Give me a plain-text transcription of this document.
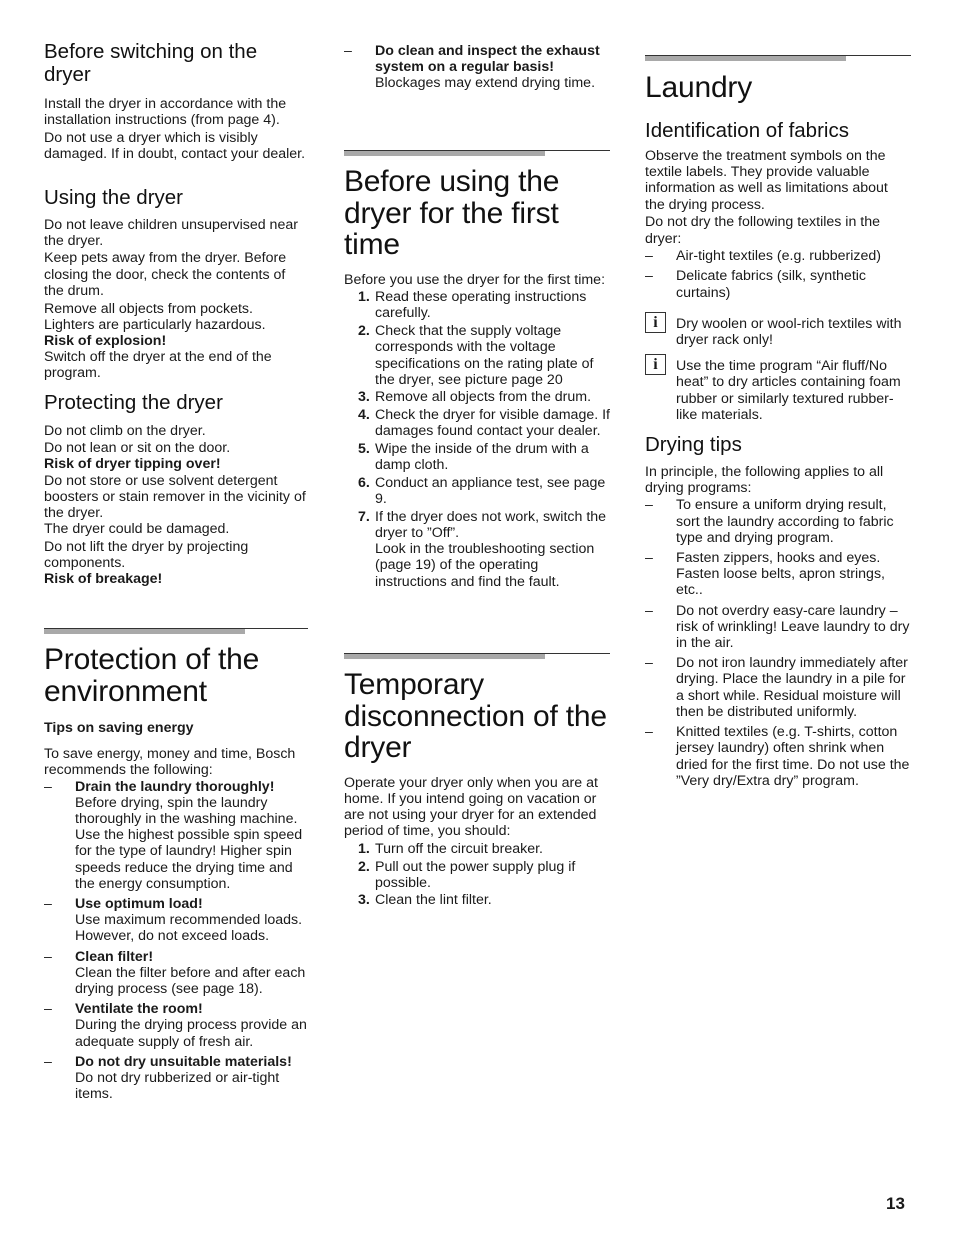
Before switching on the dryer

Install the dryer in accordance with the installation instructions (from page 4).

Do not use a dryer which is visibly damaged. If in doubt, contact your dealer.

Using the dryer

Do not leave children unsupervised near the dryer.

Keep pets away from the dryer. Before closing the door, check the contents of the drum.

Remove all objects from pockets.

Lighters are particularly hazardous.

Risk of explosion!

Switch off the dryer at the end of the program.

Protecting the dryer

Do not climb on the dryer.

Do not lean or sit on the door.

Risk of dryer tipping over!

Do not store or use solvent detergent boosters or stain remover in the vicinity of the dryer.

The dryer could be damaged.

Do not lift the dryer by projecting components.

Risk of breakage!

Protection of the environment

Tips on saving energy

To save energy, money and time, Bosch recommends the following:

– Drain the laundry thoroughly!
Before drying, spin the laundry thoroughly in the washing machine. Use the highest possible spin speed for the type of laundry! Higher spin speeds reduce the drying time and the energy consumption.
– Use optimum load!
Use maximum recommended loads. However, do not exceed loads.
– Clean filter!
Clean the filter before and after each drying process (see page 18).
– Ventilate the room!
During the drying process provide an adequate supply of fresh air.
– Do not dry unsuitable materials!
Do not dry rubberized or air-tight items.
– Do clean and inspect the exhaust system on a regular basis!
Blockages may extend drying time.
Before using the dryer for the first time

Before you use the dryer for the first time:

1. Read these operating instructions carefully.
2. Check that the supply voltage corresponds with the voltage specifications on the rating plate of the dryer, see picture page 20
3. Remove all objects from the drum.
4. Check the dryer for visible damage. If damages found contact your dealer.
5. Wipe the inside of the drum with a damp cloth.
6. Conduct an appliance test, see page 9.
7. If the dryer does not work, switch the dryer to ”Off”.
Look in the troubleshooting section (page 19) of the operating instructions and find the fault.
Temporary disconnection of the dryer

Operate your dryer only when you are at home. If you intend going on vacation or are not using your dryer for an extended period of time, you should:

1. Turn off the circuit breaker.
2. Pull out the power supply plug if possible.
3. Clean the lint filter.
Laundry
Identification of fabrics

Observe the treatment symbols on the textile labels. They provide valuable information as well as limitations about the drying process.

Do not dry the following textiles in the dryer:

– Air-tight textiles (e.g. rubberized)
– Delicate fabrics (silk, synthetic curtains)
i	Dry woolen or wool-rich textiles with dryer rack only!
i	Use the time program “Air fluff/No heat” to dry articles containing foam rubber or similarly textured rubber-like materials.
Drying tips

In principle, the following applies to all drying programs:

– To ensure a uniform drying result, sort the laundry according to fabric type and drying program.
– Fasten zippers, hooks and eyes. Fasten loose belts, apron strings, etc..
– Do not overdry easy-care laundry – risk of wrinkling! Leave laundry to dry in the air.
– Do not iron laundry immediately after drying. Place the laundry in a pile for a short while. Residual moisture will then be distributed uniformly.
– Knitted textiles (e.g. T-shirts, cotton jersey laundry) often shrink when dried for the first time. Do not use the ”Very dry/Extra dry” program.
13
